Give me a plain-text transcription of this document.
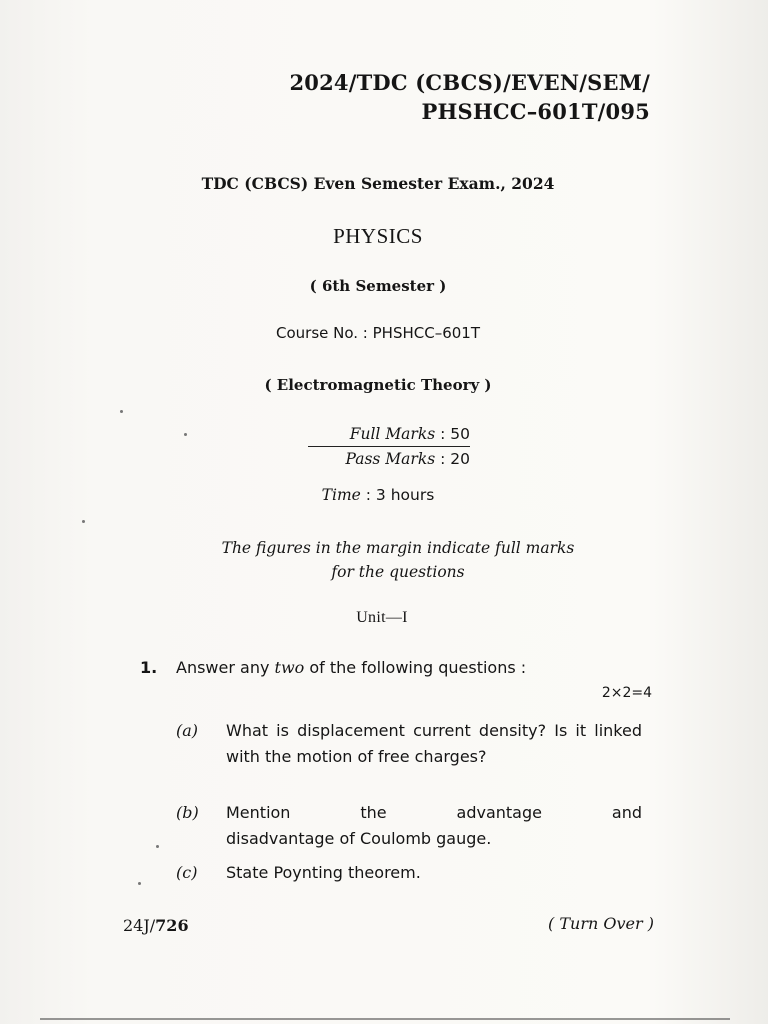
2024/TDC (CBCS)/EVEN/SEM/
PHSHCC–601T/095
TDC (CBCS) Even Semester Exam., 2024
PHYSICS
( 6th Semester )
Course No. : PHSHCC–601T
( Electromagnetic Theory )
Full Marks : 50
Pass Marks : 20
Time : 3 hours
The figures in the margin indicate full marks
for the questions
Unit—I
1. Answer any two of the following questions :
2×2=4
(a)	What is displacement current density? Is it linked with the motion of free charges?
(b)	Mention the advantage and
disadvantage of Coulomb gauge.
(c)	State Poynting theorem.
24J/726	( Turn Over )
